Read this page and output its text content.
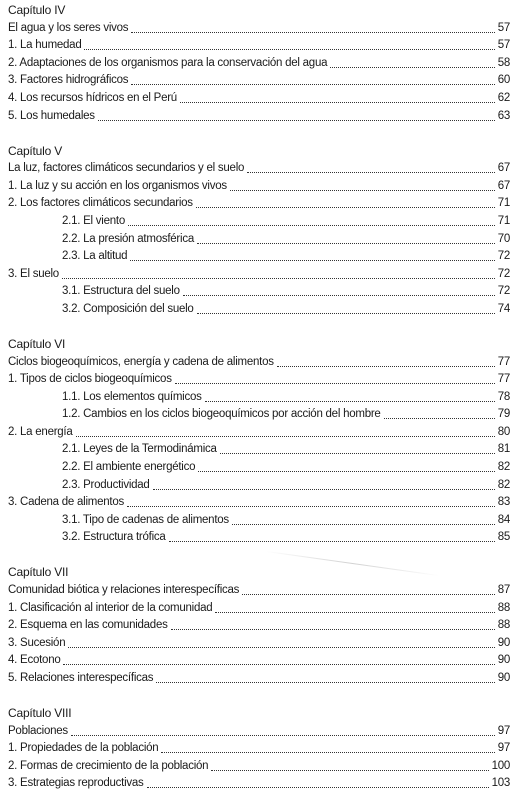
Capítulo IV
El agua y los seres vivos	57
1. La humedad	57
2. Adaptaciones de los organismos para la conservación del agua	58
3. Factores hidrográficos	60
4. Los recursos hídricos en el Perú	62
5. Los humedales	63
Capítulo V
La luz, factores climáticos secundarios y el suelo	67
1. La luz y su acción en los organismos vivos	67
2. Los factores climáticos secundarios	71
2.1. El viento	71
2.2. La presión atmosférica	70
2.3. La altitud	72
3. El suelo	72
3.1. Estructura del suelo	72
3.2. Composición del suelo	74
Capítulo VI
Ciclos biogeoquímicos, energía y cadena de alimentos	77
1. Tipos de ciclos biogeoquímicos	77
1.1. Los elementos químicos	78
1.2. Cambios en los ciclos biogeoquímicos por acción del hombre	79
2. La energía	80
2.1. Leyes de la Termodinámica	81
2.2. El ambiente energético	82
2.3. Productividad	82
3. Cadena de alimentos	83
3.1. Tipo de cadenas de alimentos	84
3.2. Estructura trófica	85
Capítulo VII
Comunidad biótica y relaciones interespecíficas	87
1. Clasificación al interior de la comunidad	88
2. Esquema en las comunidades	88
3. Sucesión	90
4. Ecotono	90
5. Relaciones interespecíficas	90
Capítulo VIII
Poblaciones	97
1. Propiedades de la población	97
2. Formas de crecimiento de la población	100
3. Estrategias reproductivas	103
